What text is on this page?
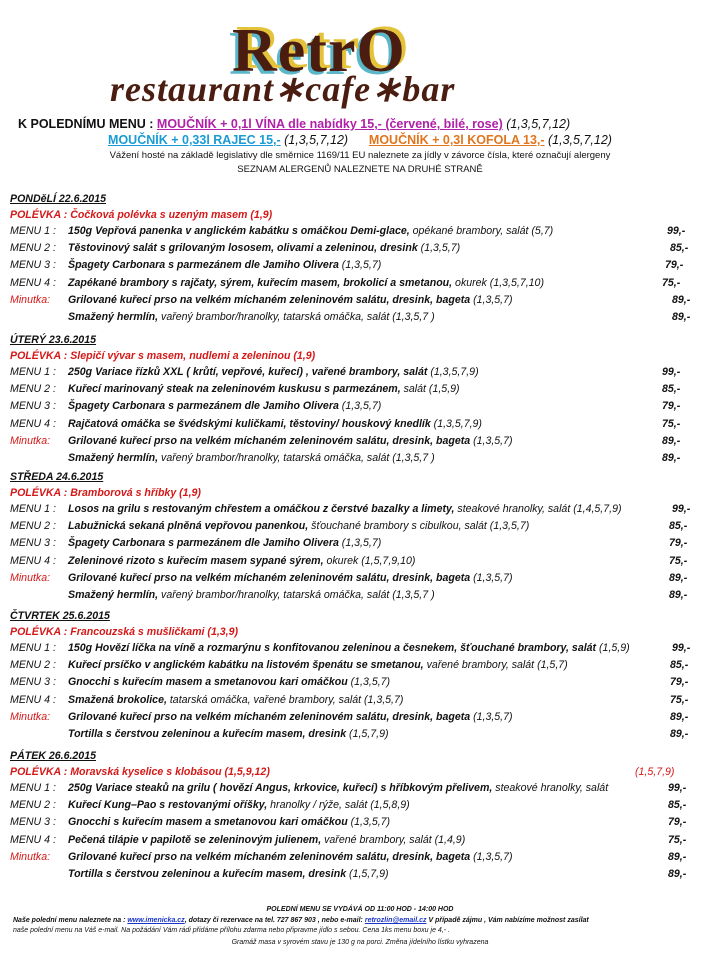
RetrO
restaurant∗cafe∗bar
K POLEDNÍMU MENU : MOUČNÍK + 0,1l VÍNA dle nabídky 15,- (červené, bilé, rose) (1,3,5,7,12)
MOUČNÍK + 0,33l RAJEC 15,- (1,3,5,7,12) MOUČNÍK + 0,3l KOFOLA 13,- (1,3,5,7,12)
Vážení hosté na základě legislativy dle směrnice 1169/11 EU naleznete za jídly v závorce čísla, které označují alergeny
SEZNAM ALERGENŮ NALEZNETE NA DRUHÉ STRANĚ
PONDěLÍ 22.6.2015
POLÉVKA : Čočková polévka s uzeným masem (1,9)
MENU 1 : 150g Vepřová panenka v anglickém kabátku s omáčkou Demi-glace, opékané brambory, salát (5,7)	99,-
MENU 2 : Těstovinový salát s grilovaným lososem, olivami a zeleninou, dresink (1,3,5,7)	85,-
MENU 3 : Špagety Carbonara s parmezánem dle Jamiho Olivera (1,3,5,7)	79,-
MENU 4 : Zapékané brambory s rajčaty, sýrem, kuřecím masem, brokolicí a smetanou, okurek (1,3,5,7,10)	75,-
Minutka: Grilované kuřecí prso na velkém míchaném zeleninovém salátu, dresink, bageta (1,3,5,7)	89,-
Smažený hermlín, vařený brambor/hranolky, tatarská omáčka, salát (1,3,5,7 )	89,-
ÚTERÝ 23.6.2015
POLÉVKA : Slepičí vývar s masem, nudlemi a zeleninou (1,9)
MENU 1 : 250g Variace řízků XXL ( krůtí, vepřové, kuřecí) , vařené brambory, salát (1,3,5,7,9)	99,-
MENU 2 : Kuřecí marinovaný steak na zeleninovém kuskusu s parmezánem, salát (1,5,9)	85,-
MENU 3 : Špagety Carbonara s parmezánem dle Jamiho Olivera (1,3,5,7)	79,-
MENU 4 : Rajčatová omáčka se švédskými kuličkami, těstoviny/ houskový knedlík (1,3,5,7,9)	75,-
Minutka: Grilované kuřecí prso na velkém míchaném zeleninovém salátu, dresink, bageta (1,3,5,7)	89,-
Smažený hermlín, vařený brambor/hranolky, tatarská omáčka, salát (1,3,5,7 )	89,-
STŘEDA 24.6.2015
POLÉVKA : Bramborová s hříbky (1,9)
MENU 1 : Losos na grilu s restovaným chřestem a omáčkou z čerstvé bazalky a limety, steakové hranolky, salát (1,4,5,7,9)	99,-
MENU 2 : Labužnická sekaná plněná vepřovou panenkou, šťouchané brambory s cibulkou, salát (1,3,5,7)	85,-
MENU 3 : Špagety Carbonara s parmezánem dle Jamiho Olivera (1,3,5,7)	79,-
MENU 4 : Zeleninové rizoto s kuřecím masem sypané sýrem, okurek (1,5,7,9,10)	75,-
Minutka: Grilované kuřecí prso na velkém míchaném zeleninovém salátu, dresink, bageta (1,3,5,7)	89,-
Smažený hermlín, vařený brambor/hranolky, tatarská omáčka, salát (1,3,5,7 )	89,-
ČTVRTEK 25.6.2015
POLÉVKA : Francouzská s mušličkami (1,3,9)
MENU 1 : 150g Hovězí líčka na víně a rozmarýnu s konfitovanou zeleninou a česnekem, šťouchané brambory, salát (1,5,9)	99,-
MENU 2 : Kuřecí prsíčko v anglickém kabátku na listovém špenátu se smetanou, vařené brambory, salát (1,5,7)	85,-
MENU 3 : Gnocchi s kuřecím masem a smetanovou kari omáčkou (1,3,5,7)	79,-
MENU 4 : Smažená brokolice, tatarská omáčka, vařené brambory, salát (1,3,5,7)	75,-
Minutka: Grilované kuřecí prso na velkém míchaném zeleninovém salátu, dresink, bageta (1,3,5,7)	89,-
Tortilla s čerstvou zeleninou a kuřecím masem, dresink (1,5,7,9)	89,-
PÁTEK 26.6.2015
POLÉVKA : Moravská kyselice s klobásou (1,5,9,12)	(1,5,7,9)
MENU 1 : 250g Variace steaků na grilu ( hovězí Angus, krkovice, kuřecí) s hříbkovým přelivem, steakové hranolky, salát	99,-
MENU 2 : Kuřecí Kung–Pao s restovanými oříšky, hranolky / rýže, salát (1,5,8,9)	85,-
MENU 3 : Gnocchi s kuřecím masem a smetanovou kari omáčkou (1,3,5,7)	79,-
MENU 4 : Pečená tilápie v papilotě se zeleninovým julienem, vařené brambory, salát (1,4,9)	75,-
Minutka: Grilované kuřecí prso na velkém míchaném zeleninovém salátu, dresink, bageta (1,3,5,7)	89,-
Tortilla s čerstvou zeleninou a kuřecím masem, dresink (1,5,7,9)	89,-
POLEDNÍ MENU SE VYDÁVÁ OD 11:00 HOD - 14:00 HOD
Naše polední menu naleznete na : www.imenicka.cz, dotazy či rezervace na tel. 727 867 903 , nebo e-mail: retrozlin@email.cz V případě zájmu , Vám nabízíme možnost zasílat
naše polední menu na Váš e-mail. Na požádání Vám rádi přidáme přílohu zdarma nebo připravme jídlo s sebou. Cena 1ks menu boxu je 4,- .
Gramáž masa v syrovém stavu je 130 g na porci. Změna jídelního lístku vyhrazena
